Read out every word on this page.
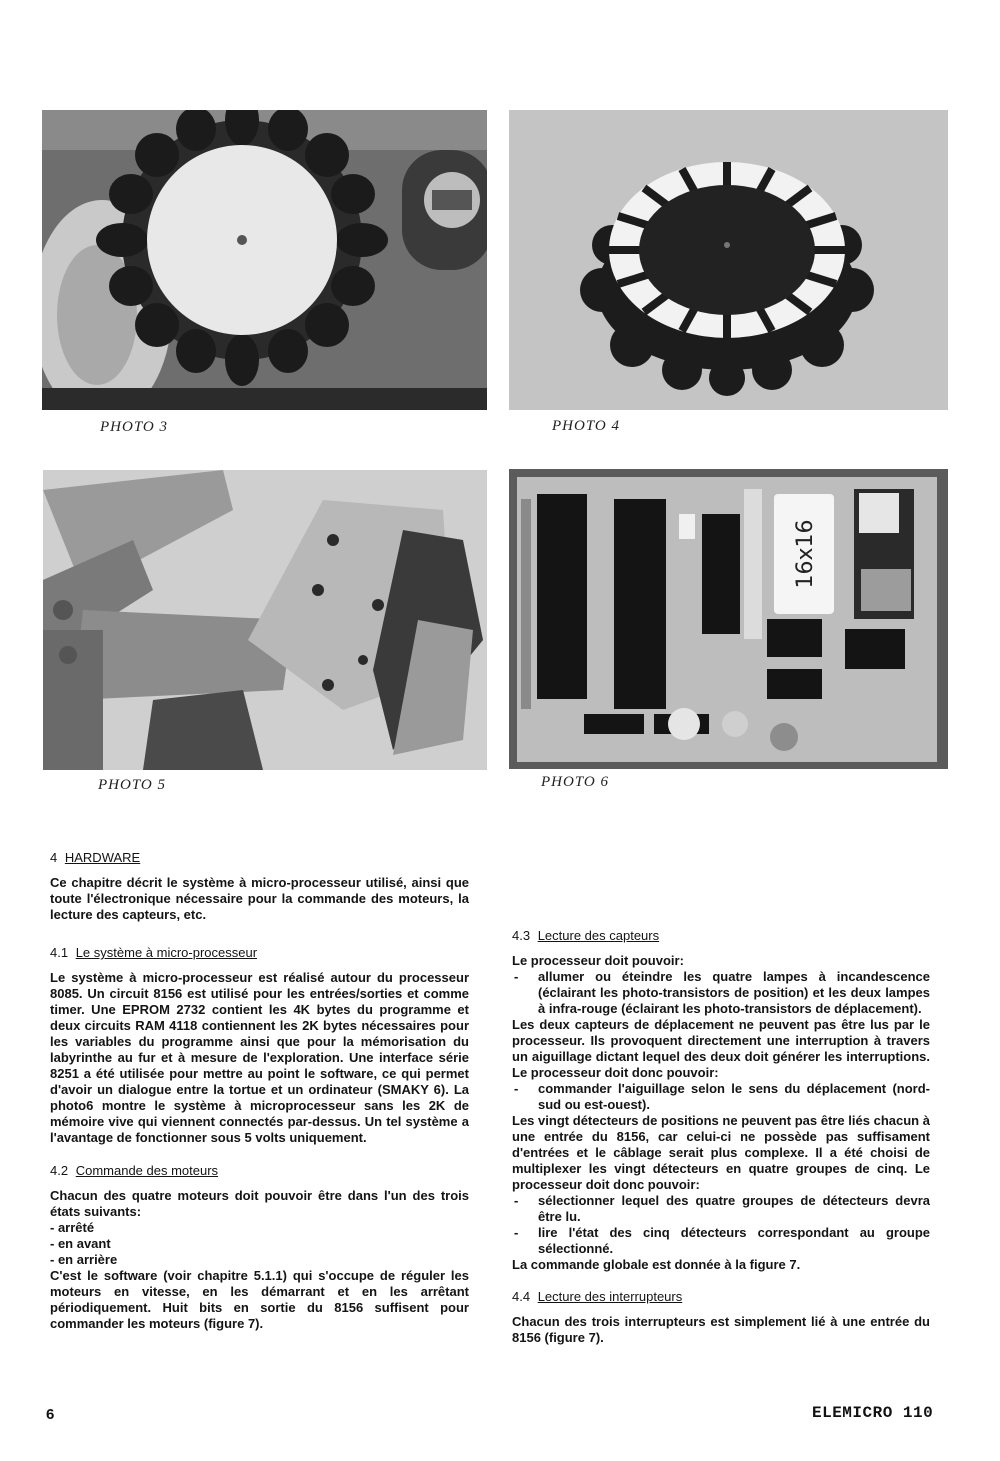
PHOTO 3	PHOTO 4
PHOTO 5
16x16
PHOTO 6
4 HARDWARE

Ce chapitre décrit le système à micro-processeur utilisé, ainsi que toute l'électronique nécessaire pour la commande des moteurs, la lecture des capteurs, etc.

4.1 Le système à micro-processeur

Le système à micro-processeur est réalisé autour du processeur 8085. Un circuit 8156 est utilisé pour les entrées/sorties et comme timer. Une EPROM 2732 contient les 4K bytes du programme et deux circuits RAM 4118 contiennent les 2K bytes nécessaires pour les variables du programme ainsi que pour la mémorisation du labyrinthe au fur et à mesure de l'exploration. Une interface série 8251 a été utilisée pour mettre au point le software, ce qui permet d'avoir un dialogue entre la tortue et un ordinateur (SMAKY 6). La photo6 montre le système à microprocesseur sans les 2K de mémoire vive qui viennent connectés par-dessus. Un tel système a l'avantage de fonctionner sous 5 volts uniquement.

4.2 Commande des moteurs

Chacun des quatre moteurs doit pouvoir être dans l'un des trois états suivants:

- arrêté
- en avant
- en arrière

C'est le software (voir chapitre 5.1.1) qui s'occupe de réguler les moteurs en vitesse, en les démarrant et en les arrêtant périodiquement. Huit bits en sortie du 8156 suffisent pour commander les moteurs (figure 7).

4.3 Lecture des capteurs

Le processeur doit pouvoir:

- allumer ou éteindre les quatre lampes à incandescence (éclairant les photo-transistors de position) et les deux lampes à infra-rouge (éclairant les photo-transistors de déplacement).

Les deux capteurs de déplacement ne peuvent pas être lus par le processeur. Ils provoquent directement une interruption à travers un aiguillage dictant lequel des deux doit générer les interruptions. Le processeur doit donc pouvoir:

- commander l'aiguillage selon le sens du déplacement (nord-sud ou est-ouest).

Les vingt détecteurs de positions ne peuvent pas être liés chacun à une entrée du 8156, car celui-ci ne possède pas suffisament d'entrées et le câblage serait plus complexe. Il a été choisi de multiplexer les vingt détecteurs en quatre groupes de cinq. Le processeur doit donc pouvoir:

- sélectionner lequel des quatre groupes de détecteurs devra être lu.
- lire l'état des cinq détecteurs correspondant au groupe sélectionné.

La commande globale est donnée à la figure 7.

4.4 Lecture des interrupteurs

Chacun des trois interrupteurs est simplement lié à une entrée du 8156 (figure 7).

6	ELEMICRO 110
